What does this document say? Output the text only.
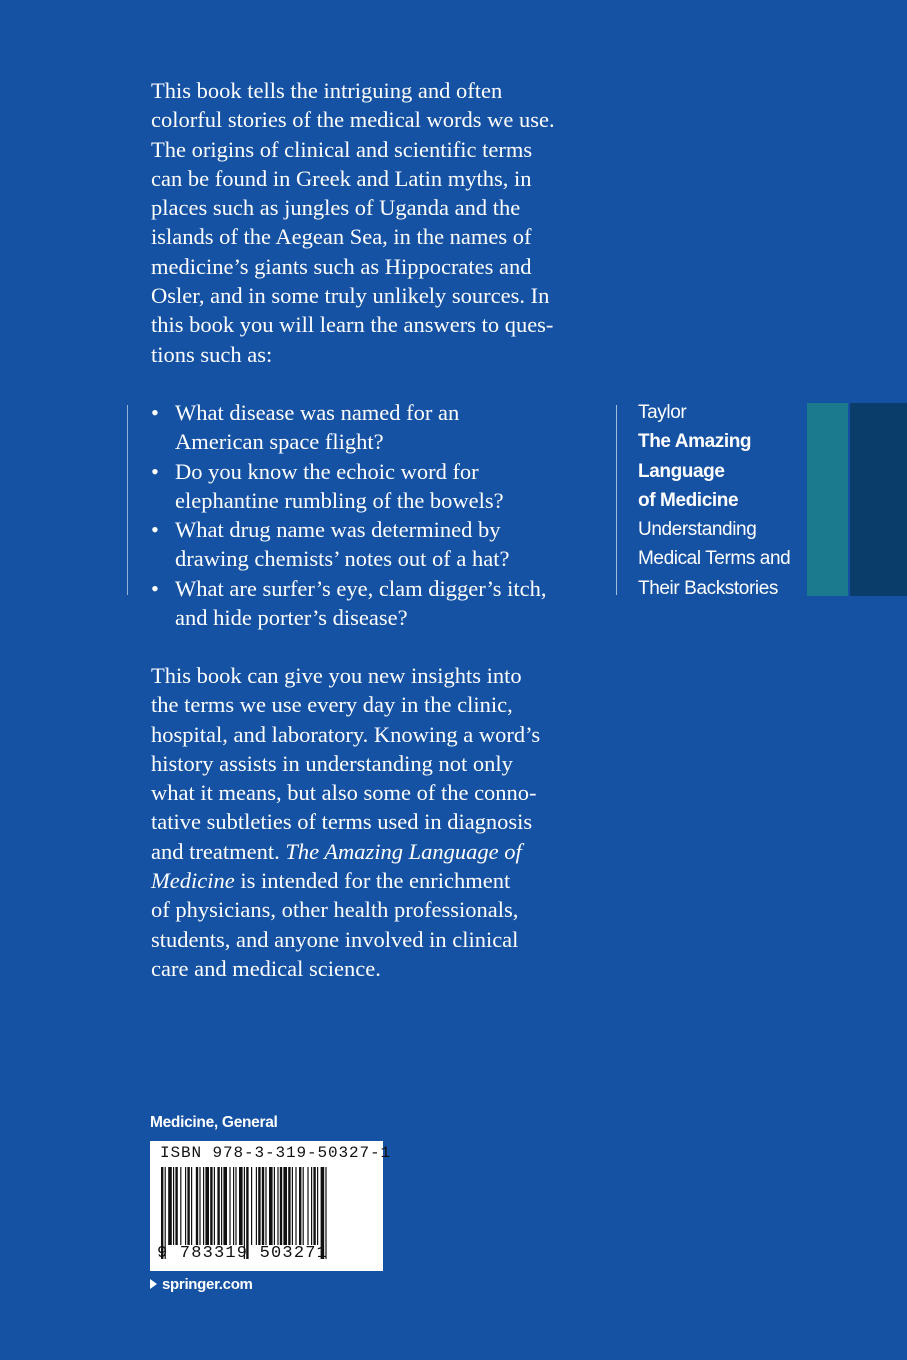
This book tells the intriguing and often
colorful stories of the medical words we use.
The origins of clinical and scientific terms
can be found in Greek and Latin myths, in
places such as jungles of Uganda and the
islands of the Aegean Sea, in the names of
medicine’s giants such as Hippocrates and
Osler, and in some truly unlikely sources. In
this book you will learn the answers to ques-
tions such as:
• What disease was named for an
American space flight?
• Do you know the echoic word for
elephantine rumbling of the bowels?
• What drug name was determined by
drawing chemists’ notes out of a hat?
• What are surfer’s eye, clam digger’s itch,
and hide porter’s disease?
This book can give you new insights into
the terms we use every day in the clinic,
hospital, and laboratory. Knowing a word’s
history assists in understanding not only
what it means, but also some of the conno-
tative subtleties of terms used in diagnosis
and treatment. The Amazing Language of
Medicine is intended for the enrichment
of physicians, other health professionals,
students, and anyone involved in clinical
care and medical science.
Taylor
The Amazing
Language
of Medicine
Understanding
Medical Terms and
Their Backstories
Medicine, General
ISBN 978-3-319-50327-1
9 783319 503271
springer.com
